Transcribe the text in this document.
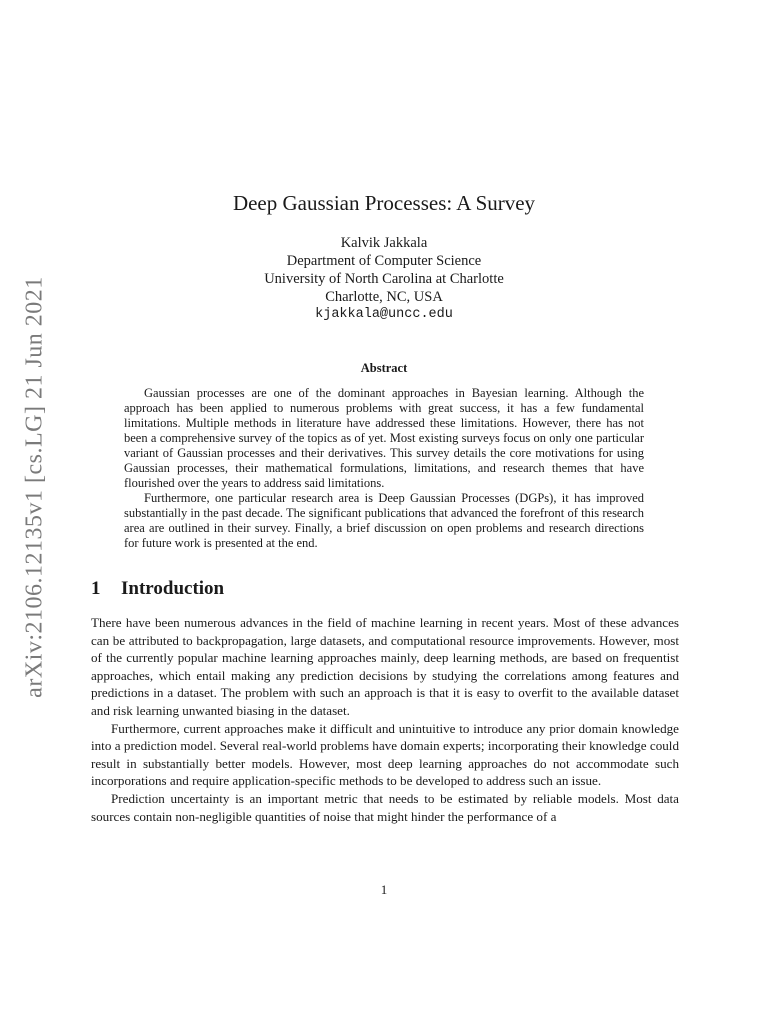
arXiv:2106.12135v1 [cs.LG] 21 Jun 2021
Deep Gaussian Processes: A Survey
Kalvik Jakkala
Department of Computer Science
University of North Carolina at Charlotte
Charlotte, NC, USA
kjakkala@uncc.edu
Abstract

Gaussian processes are one of the dominant approaches in Bayesian learning. Although the approach has been applied to numerous problems with great success, it has a few fundamental limitations. Multiple methods in literature have addressed these limitations. However, there has not been a comprehensive survey of the topics as of yet. Most existing surveys focus on only one particular variant of Gaussian processes and their derivatives. This survey details the core motivations for using Gaussian processes, their mathematical formulations, limitations, and research themes that have flourished over the years to address said limitations.

Furthermore, one particular research area is Deep Gaussian Processes (DGPs), it has improved substantially in the past decade. The significant publications that advanced the forefront of this research area are outlined in their survey. Finally, a brief discussion on open problems and research directions for future work is presented at the end.

1 Introduction

There have been numerous advances in the field of machine learning in recent years. Most of these advances can be attributed to backpropagation, large datasets, and computational resource improvements. However, most of the currently popular machine learning approaches mainly, deep learning methods, are based on frequentist approaches, which entail making any prediction decisions by studying the correlations among features and predictions in a dataset. The problem with such an approach is that it is easy to overfit to the available dataset and risk learning unwanted biasing in the dataset.

Furthermore, current approaches make it difficult and unintuitive to introduce any prior domain knowledge into a prediction model. Several real-world problems have domain experts; incorporating their knowledge could result in substantially better models. However, most deep learning approaches do not accommodate such incorporations and require application-specific methods to be developed to address such an issue.

Prediction uncertainty is an important metric that needs to be estimated by reliable models. Most data sources contain non-negligible quantities of noise that might hinder the performance of a

1
